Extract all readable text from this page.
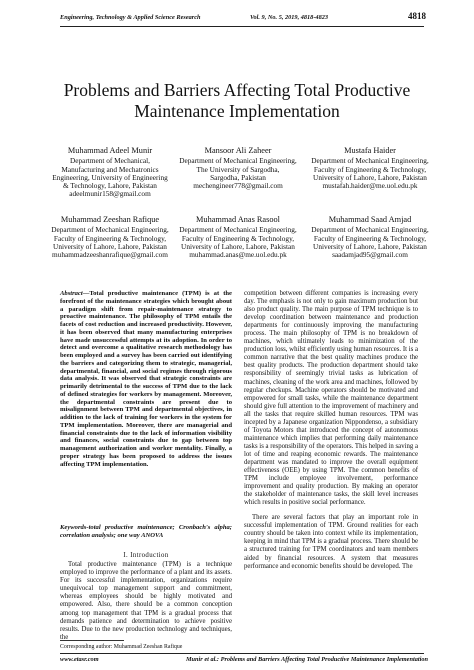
Engineering, Technology & Applied Science Research	Vol. 9, No. 5, 2019, 4818-4823	4818
Problems and Barriers Affecting Total Productive
Maintenance Implementation
Muhammad Adeel Munir
Department of Mechanical,
Manufacturing and Mechatronics
Engineering, University of Engineering
& Technology, Lahore, Pakistan
adeelmunir158@gmail.com
Mansoor Ali Zaheer
Department of Mechanical Engineering,
The University of Sargodha,
Sargodha, Pakistan
mechengineer778@gmail.com
Mustafa Haider
Department of Mechanical Engineering,
Faculty of Engineering & Technology,
University of Lahore, Lahore, Pakistan
mustafah.haider@me.uol.edu.pk
Muhammad Zeeshan Rafique
Department of Mechanical Engineering,
Faculty of Engineering & Technology,
University of Lahore, Lahore, Pakistan
muhammadzeeshanrafique@gmail.com
Muhammad Anas Rasool
Department of Mechanical Engineering,
Faculty of Engineering & Technology,
University of Lahore, Lahore, Pakistan
muhammad.anas@me.uol.edu.pk
Muhammad Saad Amjad
Department of Mechanical Engineering,
Faculty of Engineering & Technology,
University of Lahore, Lahore, Pakistan
saadamjad95@gmail.com
Abstract—Total productive maintenance (TPM) is at the forefront of the maintenance strategies which brought about a paradigm shift from repair-maintenance strategy to proactive maintenance. The philosophy of TPM entails the facets of cost reduction and increased productivity. However, it has been observed that many manufacturing enterprises have made unsuccessful attempts at its adoption. In order to detect and overcome a qualitative research methodology has been employed and a survey has been carried out identifying the barriers and categorizing them to strategic, managerial, departmental, financial, and social regimes through rigorous data analysis. It was observed that strategic constraints are primarily detrimental to the success of TPM due to the lack of defined strategies for workers by management. Moreover, the departmental constraints are present due to misalignment between TPM and departmental objectives, in addition to the lack of training for workers in the system for TPM implementation. Moreover, there are managerial and financial constraints due to the lack of information visibility and finances, social constraints due to gap between top management authorization and worker mentality. Finally, a proper strategy has been proposed to address the issues affecting TPM implementation.
Keywords-total productive maintenance; Cronbach's alpha; correlation analysis; one way ANOVA
I. Introduction
Total productive maintenance (TPM) is a technique employed to improve the performance of a plant and its assets. For its successful implementation, organizations require unequivocal top management support and commitment, whereas employees should be highly motivated and empowered. Also, there should be a common conception among top management that TPM is a gradual process that demands patience and determination to achieve positive results. Due to the new production technology and techniques, the
Corresponding author: Muhammad Zeeshan Rafique

competition between different companies is increasing every day. The emphasis is not only to gain maximum production but also product quality. The main purpose of TPM technique is to develop coordination between maintenance and production departments for continuously improving the manufacturing process. The main philosophy of TPM is no breakdown of machines, which ultimately leads to minimization of the production loss, whilst efficiently using human resources. It is a common narrative that the best quality machines produce the best quality products. The production department should take responsibility of seemingly trivial tasks as lubrication of machines, cleaning of the work area and machines, followed by regular checkups. Machine operators should be motivated and empowered for small tasks, while the maintenance department should give full attention to the improvement of machinery and all the tasks that require skilled human resources. TPM was incepted by a Japanese organization Nippondenso, a subsidiary of Toyota Motors that introduced the concept of autonomous maintenance which implies that performing daily maintenance tasks is a responsibility of the operators. This helped in saving a lot of time and reaping economic rewards. The maintenance department was mandated to improve the overall equipment effectiveness (OEE) by using TPM. The common benefits of TPM include employee involvement, performance improvement and quality production. By making an operator the stakeholder of maintenance tasks, the skill level increases which results in positive social performance.

There are several factors that play an important role in successful implementation of TPM. Ground realities for each country should be taken into context while its implementation, keeping in mind that TPM is a gradual process. There should be a structured training for TPM coordinators and team members aided by financial resources. A system that measures performance and economic benefits should be developed. The

www.etasr.com	Munir et al.: Problems and Barriers Affecting Total Productive Maintenance Implementation
